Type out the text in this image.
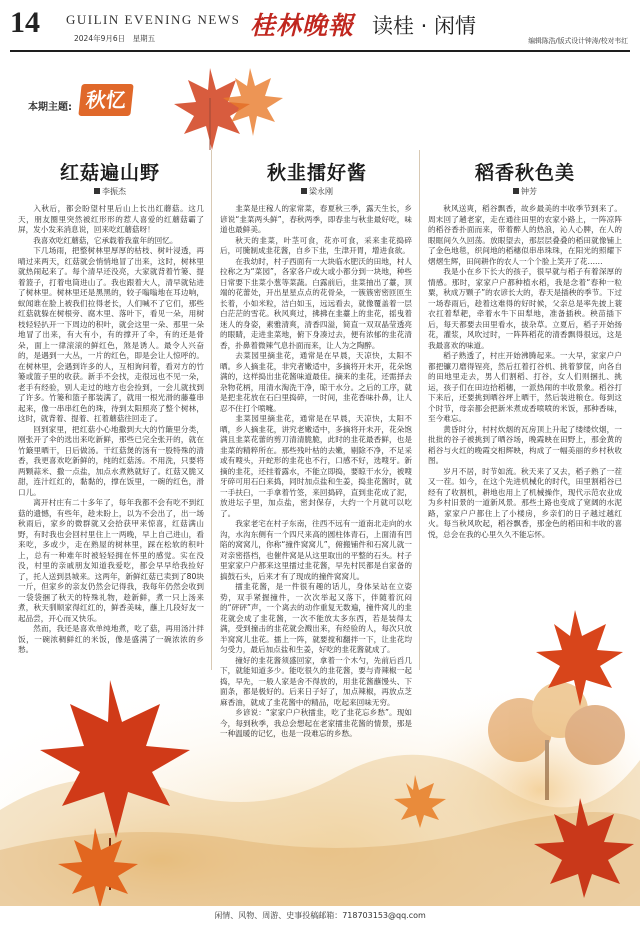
14 GUILIN EVENING NEWS
2024年9月6日　星期五	桂林晚報 读桂 · 闲情
编辑陈浩/版式设计钟涛/校对韦红
本期主题: 秋忆
红菇遍山野
李振杰

入秋后，都会盼望村里后山上长出红蘑菇。这几天，朋友圈里突然被红形形的惹人喜爱的红蘑菇霸了屏，发小发来消息说，回来吃红蘑菇呀！

我喜欢吃红蘑菇，它承载着我童年的回忆。

下几场雨，把整树林里厚厚的枯枝、树叶浸透，再晴过来两天，红菇就会悄悄地冒了出来，这时，树林里就热闹起来了。每个清早还没亮，大家就背着竹篓、提着篮子，打着电筒进山了。我也跟着大人，清早就钻进了树林里。树林里还是黑黑的，较子嗡嗡地在耳边响，蚁闻谁在脸上被我们拉得老长，人们喊不了它们，那些红菇就躲在树根旁、腐木里、落叶下，看见一朵，用树枝轻轻扒开一下周边的积叶，就会这里一朵、那里一朵地冒了出来，有大有小，有的撑开了伞，有的还是骨朵，面上一律滚滚的鲜红色，煞是诱人。最令人兴奋的，是遇到一大丛，一片的红色，即是会让人惊呼的。在树林里，会遇到许多的人，互相询问着，看对方的竹篓或篮子里的收获。新手不会找，走很远也不见一朵，老手有经验，别人走过的地方也会捡到，一会儿就找到了许多。竹篓和篮子都装满了，就用一根光滑的藤蔓串起来，像一串串红色的珠，待到太阳照亮了整个树林，这时，就背着、提着、扛着蘑菇往回走了。

回到家里，把红菇小心地撒到大大的竹簸里分类，刚张开了伞的选出来吃新鲜，那些已完全张开的，就在竹簸里晒干，日后做汤。干红菇煲的汤有一股特殊的清香，我更喜欢吃新鲜的，纯的红菇汤。不用洗，只要将两颗蒜米、撒一点盐，加点水煮熟就好了。红菇又脆又甜，连汁红红的，黏黏的，撑在饭里，一碗的红色，滑口儿。

离开村庄有二十多年了，每年我都不会有吃不到红菇的遗憾，有些年，趁未盼上，以为不会出了，出一场秋雨后，家乡的微群就又会拾获甲来惊喜，红菇满山野，有时我也会回村里住上一两晚，早上自己进山，看来吃，多或少，走在熟屋的树林里，踩在松软的积叶上，总有一种难年时被轻轻拥在怀里的感觉。实在没没，村里的亲戚朋友知道我爱吃，都会早早给我捡好了，托人送到县城来。这两年，新鲜红菇已卖到了80块一斤，但家乡的亲友仍然会记得我，我每年仍然会收到一袋袋捆了秋天的特殊礼物，趁新鲜，煮一只上汤来煮，秋天驯顺家得红红的，鲜香美味，蘸上几段好友一起品尝，开心而又快乐。

然而，我还是喜欢单纯地煮，吃了菇，再用汤汁拌饭，一碗浓稠鲜红的米饭，像是盛满了一碗浓浓的乡愁。

秋韭擂好酱
梁永刚

韭菜是庄稼人的家常菜，春夏秋三季，露天生长，乡谚说“韭菜两头鲜”，春秋两季，即春韭与秋韭最好吃，味道也最鲜美。

秋天的韭菜，叶茎可食，花亦可食，采来韭花捣碎后，可腌制成韭花酱，自乡下韭，生津开胃，增进食欲。

在我幼时，村子西面有一大块临水肥沃的田地，村人拉称之为“菜园”，各家各户或大或小都分到一块地，种些日常要下韭菜小葱等菜蔬。白露前后，韭菜抽出了薹，顶端的花蕾处，开出星星点点的花骨朵，一簇簇密密匝匝生长着，小如米粒，洁白如玉，远远看去，就像覆盖着一层白茫茫的雪花。秋风爽过，拂拂在韭薹上的韭花，摇曳着迷人的身姿，素雅清爽，清香四溢，简直一双双晶莹透亮的眼睛，走进韭菜地，俯下身凑过去，便有浓郁的韭花清香，扑鼻着微辣气息扑面而来，让人为之陶醉。

去菜园里摘韭花，通常是在早晨，天凉快，太阳不晒。乡人摘韭花，非究者嫩适中，多摘将开未开，花朵饱满的，这样捣出韭花酱味道最佳。摘来的韭花，还需择去杂物花柄，用清水淘洗干净，晾干水分。之后的工序，就是把韭花放在石臼里捣碎，一时间，韭花香味扑鼻，让人忍不住打个喷嚏。

韭菜园里摘韭花，通常是在早晨，天凉快，太阳不晒，乡人摘韭花，讲究老嫩适中，多摘将开未开，花朵饱满且韭菜花蕾的剪刀清清脆脆，此时的韭花最香鲜，也是韭菜的精粹所在。那些残叶枯的去嫩，剔除不净，不足采或有嗖头，开蛇形的韭花也不行，口感不好，选嗖牙。新摘的韭花，还挂着露水，不能立即捣，要晾干水分，被嗖牙碎可用石臼来捣，同时加点盐和生姜，捣韭花酱时，就一手扶臼，一手拿着竹签，来回捣碎，直到韭花成了泥，放进坛子里，加点盐，密封保存，大约一个月就可以吃了。

我家老宅在村子东南，往西不远有一道南北走向的水沟，水沟东侧有一个四尺来高的圆柱体青石，上面清有凹陷的窝窝儿，你称“撞件窝窝儿”，俯搬铺件和石窝儿就一对亲密搭档，也催件窝是从这里取出的平整的石头。村子里家家户户都来这里擂过韭花酱，早先村民都是自家备的搞鼓石头，后来才有了现成的撞件窝窝儿。

擂韭花酱，是一件很有趣的话儿，身体呆站在立姿势，双手紧握撞件，一次次举起又落下，伴随着沉闷的“砰砰”声，一个离去的动作重复无数遍，撞件窝儿的韭花就会成了韭花酱，一次不能放太多东西，若是装得太满，受到撞击的韭花就会溅出来，有经验的人，每次只放半窝窝儿韭花。擂上一阵，就要搅和翻拌一下，让韭花均匀受力，最后加点盐和生姜，好吃的韭花酱就成了。

撞好的韭花酱须盛回家，拿着一个木勺，先前后舀几下，就能知道多少。能吃很久的韭花酱，要与青辣椒一起捣，早先，一般人家是舍不得放的，用韭花酱蘸馒头、下面条，都是极好的。后来日子好了，加点辣椒，再放点芝麻香油，就成了韭花酱中的精品，吃起来回味无穷。

乡谚说：“家家户户秋擂韭，吃了韭花忘乡愁”。现如今，每到秋季，我总会想起在老家擂韭花酱的情景，那是一种温暖的记忆，也是一段难忘的乡愁。

稻香秋色美
钟芳

秋风送爽，稻谷飘香，故乡最美的丰收季节到来了。周末回了趟老家，走在通往田里的农家小路上，一阵凉阵的稻谷香扑面而来，带着醉人的热浪，沁人心脾，在人的眼眶间久久回荡。放眼望去，那层层叠叠的稻田就像铺上了金色地毯，织间地的稻穗似串串珠珠，在阳光的照耀下熠熠生辉，田间耕作的农人一个个脸上笑开了花……

我是小在乡下长大的孩子，很早就与稻子有着深厚的情感。那时，家家户户都种植水稻，我是念着“春种一粒粟，秋成万颗子”的农谚长大的，春天是插秧的季节。下过一场春雨后，趁着这难得的好时候，父亲总是率先披上蓑衣扛着犁耙，牵着水牛下田犁地，准备插秧。秧苗插下后，每天都要去田里看水，拔杂草。立夏后，稻子开始扬花，灌浆，风吹过时，一阵阵稻花的清香飘得很远，这是我最喜欢的味道。

稻子熟透了，村庄开始沸腾起来。一大早，家家户户都把镰刀磨得锃亮，然后扛着打谷机、挑着箩筐，向各自的田地里走去，男人们割稻、打谷，女人们则捆扎、挑运，孩子们在田边拾稻穗，一派热闹的丰收景象。稻谷打下来后，还要挑到晒谷坪上晒干，然后装进粮仓。每到这个时节，母亲都会把新米煮成香喷喷的米饭，那种香味，至今难忘。

黄昏时分，村村炊烟的瓦房顶上升起了缕缕炊烟，一批批的谷子被挑到了晒谷场，晚霞映在田野上，那金黄的稻谷与火红的晚霞交相辉映，构成了一幅美丽的乡村秋收图。

岁月不居，时节如流。秋天来了又去，稻子熟了一茬又一茬。如今，在这个先进机械化的时代，田里割稻谷已经有了收割机，耕地也用上了机械操作，现代示范农业成为乡村旧景的一道新风景。那些土路也变成了宽阔的水泥路，家家户户都住上了小楼房，乡亲们的日子越过越红火。每当秋风吹起，稻谷飘香，那金色的稻田和丰收的喜悦，总会在我的心里久久不能忘怀。

闲情、风物、周游、史事投稿邮箱：718703153@qq.com
